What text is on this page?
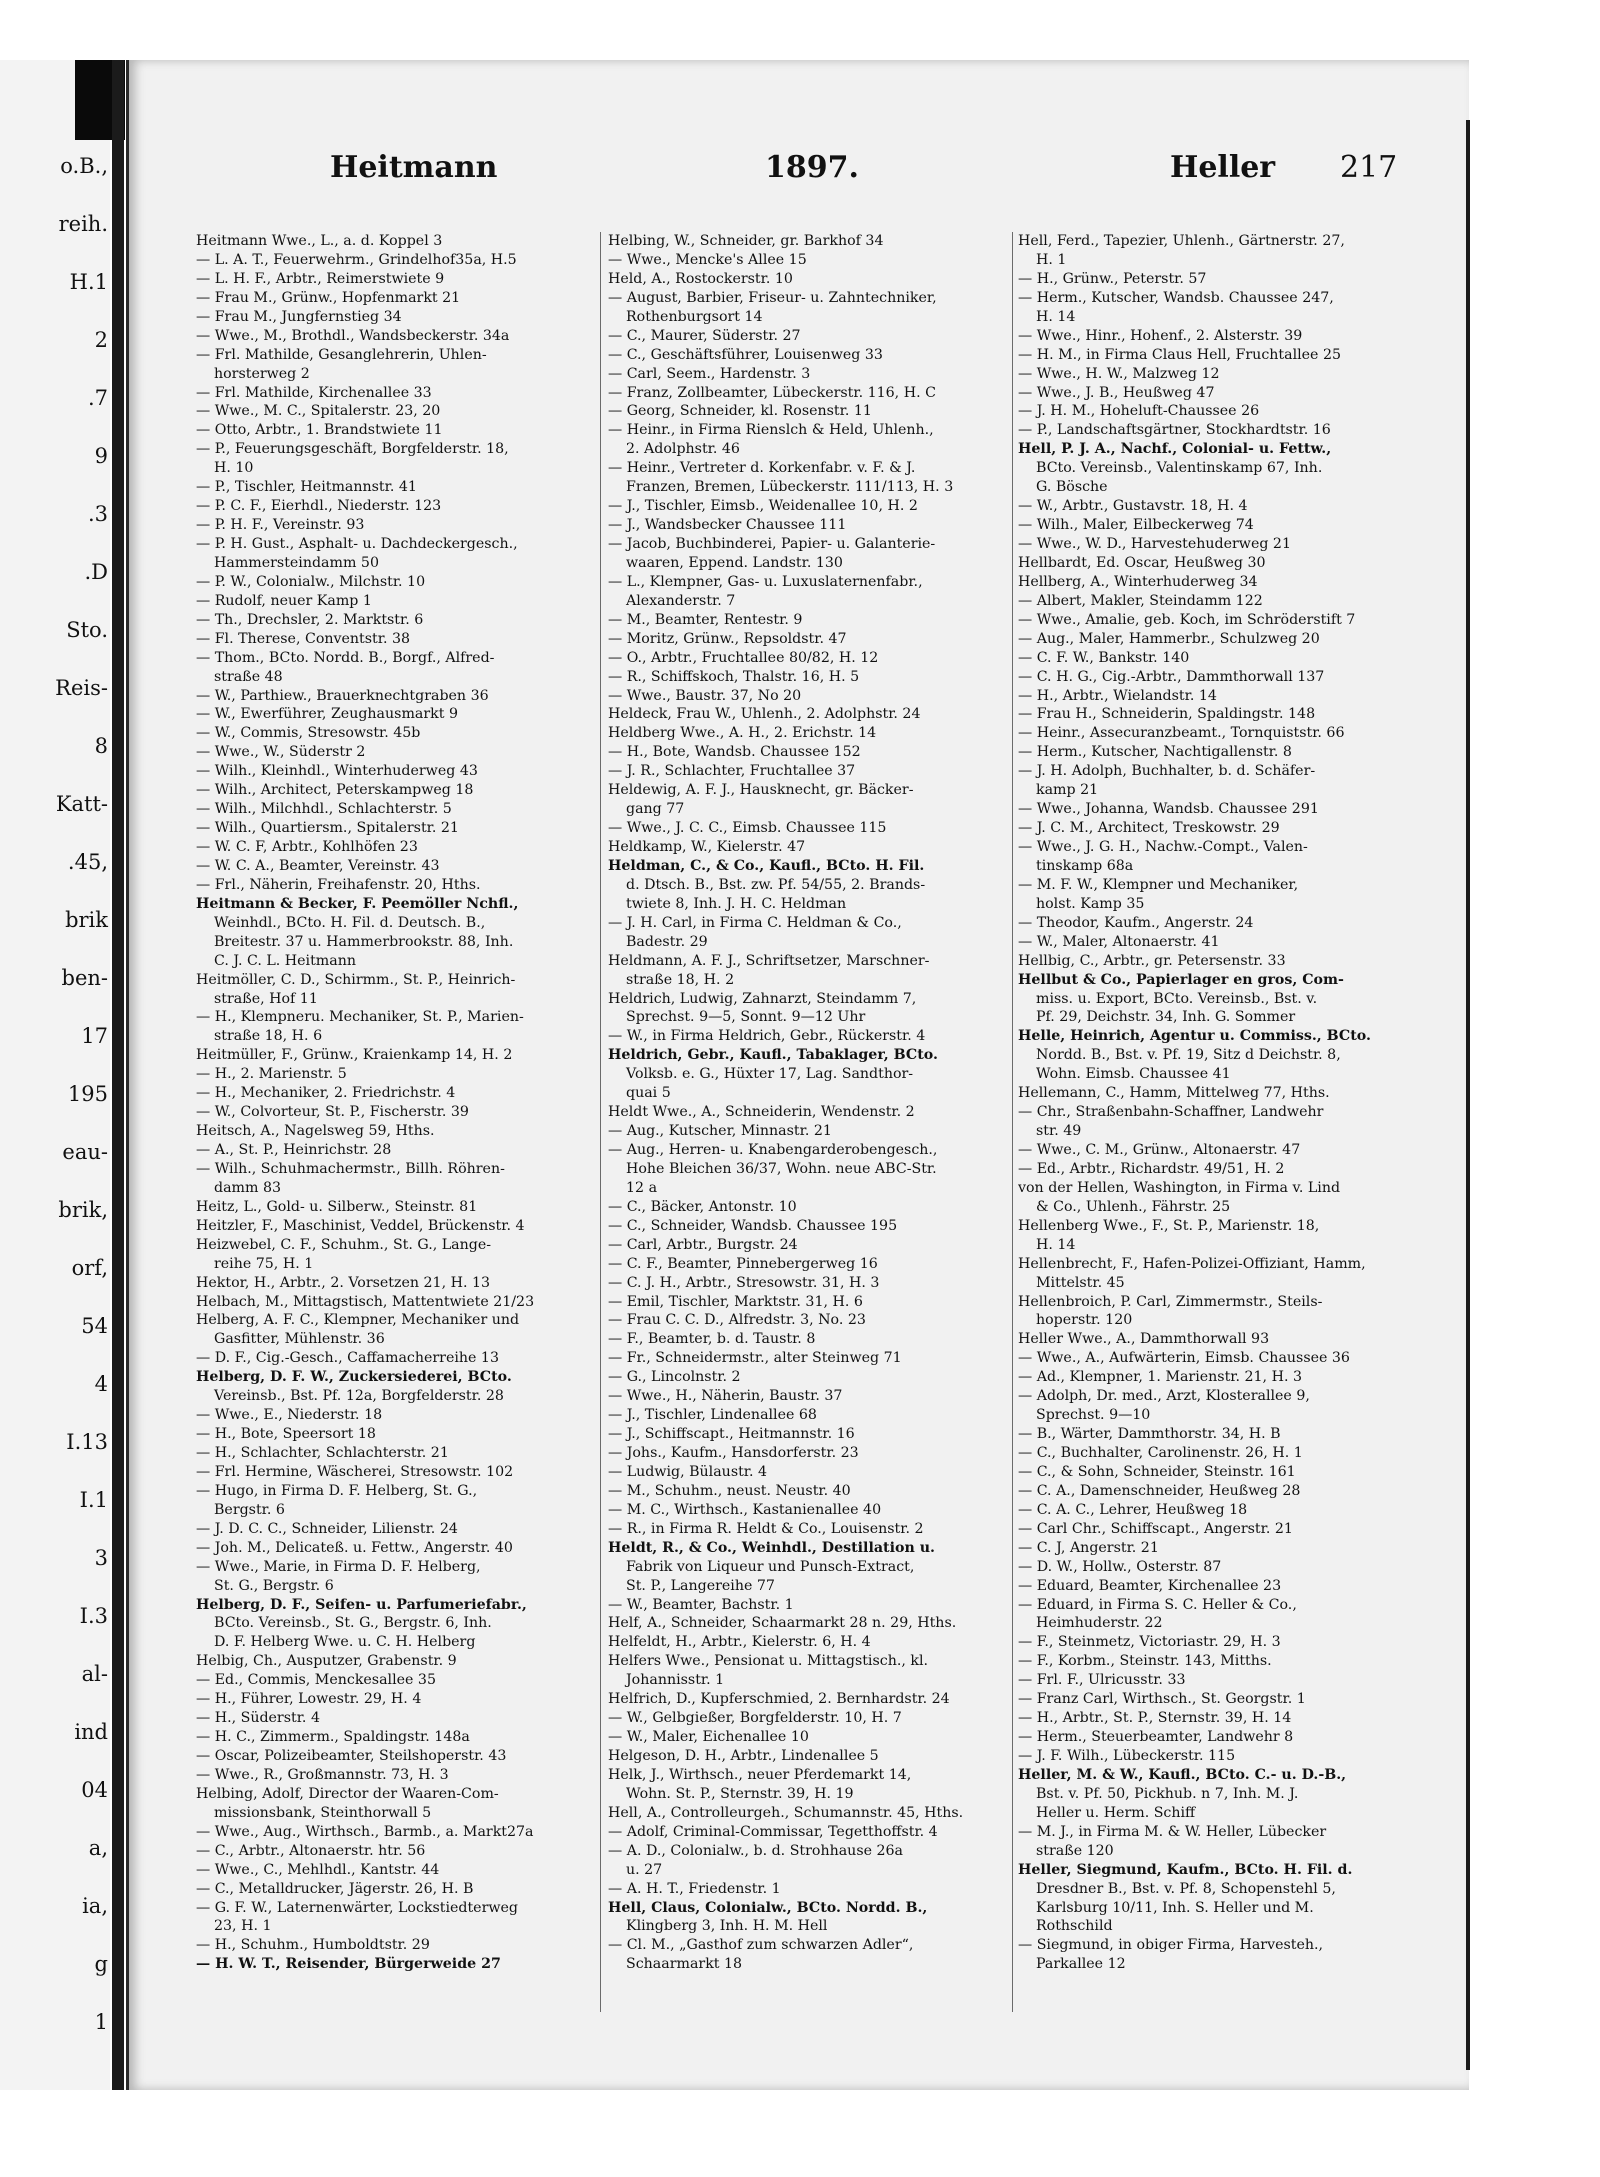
o.B.,
reih.
H.1
2
.7
9
.3
.D
Sto.
Reis-
8
Katt-
.45,
brik
ben-
17
195
eau-
brik,
orf,
54
4
I.13
I.1
3
I.3
al-
ind
04
a,
ia,
g
1
Heitmann	1897.	Heller 217
Heitmann Wwe., L., a. d. Koppel 3
— L. A. T., Feuerwehrm., Grindelhof35a, H.5
— L. H. F., Arbtr., Reimerstwiete 9
— Frau M., Grünw., Hopfenmarkt 21
— Frau M., Jungfernstieg 34
— Wwe., M., Brothdl., Wandsbeckerstr. 34a
— Frl. Mathilde, Gesanglehrerin, Uhlen-
horsterweg 2
— Frl. Mathilde, Kirchenallee 33
— Wwe., M. C., Spitalerstr. 23, 20
— Otto, Arbtr., 1. Brandstwiete 11
— P., Feuerungsgeschäft, Borgfelderstr. 18,
H. 10
— P., Tischler, Heitmannstr. 41
— P. C. F., Eierhdl., Niederstr. 123
— P. H. F., Vereinstr. 93
— P. H. Gust., Asphalt- u. Dachdeckergesch.,
Hammersteindamm 50
— P. W., Colonialw., Milchstr. 10
— Rudolf, neuer Kamp 1
— Th., Drechsler, 2. Marktstr. 6
— Fl. Therese, Conventstr. 38
— Thom., BCto. Nordd. B., Borgf., Alfred-
straße 48
— W., Parthiew., Brauerknechtgraben 36
— W., Ewerführer, Zeughausmarkt 9
— W., Commis, Stresowstr. 45b
— Wwe., W., Süderstr 2
— Wilh., Kleinhdl., Winterhuderweg 43
— Wilh., Architect, Peterskampweg 18
— Wilh., Milchhdl., Schlachterstr. 5
— Wilh., Quartiersm., Spitalerstr. 21
— W. C. F, Arbtr., Kohlhöfen 23
— W. C. A., Beamter, Vereinstr. 43
— Frl., Näherin, Freihafenstr. 20, Hths.
Heitmann & Becker, F. Peemöller Nchfl.,
Weinhdl., BCto. H. Fil. d. Deutsch. B.,
Breitestr. 37 u. Hammerbrookstr. 88, Inh.
C. J. C. L. Heitmann
Heitmöller, C. D., Schirmm., St. P., Heinrich-
straße, Hof 11
— H., Klempneru. Mechaniker, St. P., Marien-
straße 18, H. 6
Heitmüller, F., Grünw., Kraienkamp 14, H. 2
— H., 2. Marienstr. 5
— H., Mechaniker, 2. Friedrichstr. 4
— W., Colvorteur, St. P., Fischerstr. 39
Heitsch, A., Nagelsweg 59, Hths.
— A., St. P., Heinrichstr. 28
— Wilh., Schuhmachermstr., Billh. Röhren-
damm 83
Heitz, L., Gold- u. Silberw., Steinstr. 81
Heitzler, F., Maschinist, Veddel, Brückenstr. 4
Heizwebel, C. F., Schuhm., St. G., Lange-
reihe 75, H. 1
Hektor, H., Arbtr., 2. Vorsetzen 21, H. 13
Helbach, M., Mittagstisch, Mattentwiete 21/23
Helberg, A. F. C., Klempner, Mechaniker und
Gasfitter, Mühlenstr. 36
— D. F., Cig.-Gesch., Caffamacherreihe 13
Helberg, D. F. W., Zuckersiederei, BCto.
Vereinsb., Bst. Pf. 12a, Borgfelderstr. 28
— Wwe., E., Niederstr. 18
— H., Bote, Speersort 18
— H., Schlachter, Schlachterstr. 21
— Frl. Hermine, Wäscherei, Stresowstr. 102
— Hugo, in Firma D. F. Helberg, St. G.,
Bergstr. 6
— J. D. C. C., Schneider, Lilienstr. 24
— Joh. M., Delicateß. u. Fettw., Angerstr. 40
— Wwe., Marie, in Firma D. F. Helberg,
St. G., Bergstr. 6
Helberg, D. F., Seifen- u. Parfumeriefabr.,
BCto. Vereinsb., St. G., Bergstr. 6, Inh.
D. F. Helberg Wwe. u. C. H. Helberg
Helbig, Ch., Ausputzer, Grabenstr. 9
— Ed., Commis, Menckesallee 35
— H., Führer, Lowestr. 29, H. 4
— H., Süderstr. 4
— H. C., Zimmerm., Spaldingstr. 148a
— Oscar, Polizeibeamter, Steilshoperstr. 43
— Wwe., R., Großmannstr. 73, H. 3
Helbing, Adolf, Director der Waaren-Com-
missionsbank, Steinthorwall 5
— Wwe., Aug., Wirthsch., Barmb., a. Markt27a
— C., Arbtr., Altonaerstr. htr. 56
— Wwe., C., Mehlhdl., Kantstr. 44
— C., Metalldrucker, Jägerstr. 26, H. B
— G. F. W., Laternenwärter, Lockstiedterweg
23, H. 1
— H., Schuhm., Humboldtstr. 29
— H. W. T., Reisender, Bürgerweide 27
Helbing, W., Schneider, gr. Barkhof 34
— Wwe., Mencke's Allee 15
Held, A., Rostockerstr. 10
— August, Barbier, Friseur- u. Zahntechniker,
Rothenburgsort 14
— C., Maurer, Süderstr. 27
— C., Geschäftsführer, Louisenweg 33
— Carl, Seem., Hardenstr. 3
— Franz, Zollbeamter, Lübeckerstr. 116, H. C
— Georg, Schneider, kl. Rosenstr. 11
— Heinr., in Firma Rienslch & Held, Uhlenh.,
2. Adolphstr. 46
— Heinr., Vertreter d. Korkenfabr. v. F. & J.
Franzen, Bremen, Lübeckerstr. 111/113, H. 3
— J., Tischler, Eimsb., Weidenallee 10, H. 2
— J., Wandsbecker Chaussee 111
— Jacob, Buchbinderei, Papier- u. Galanterie-
waaren, Eppend. Landstr. 130
— L., Klempner, Gas- u. Luxuslaternenfabr.,
Alexanderstr. 7
— M., Beamter, Rentestr. 9
— Moritz, Grünw., Repsoldstr. 47
— O., Arbtr., Fruchtallee 80/82, H. 12
— R., Schiffskoch, Thalstr. 16, H. 5
— Wwe., Baustr. 37, No 20
Heldeck, Frau W., Uhlenh., 2. Adolphstr. 24
Heldberg Wwe., A. H., 2. Erichstr. 14
— H., Bote, Wandsb. Chaussee 152
— J. R., Schlachter, Fruchtallee 37
Heldewig, A. F. J., Hausknecht, gr. Bäcker-
gang 77
— Wwe., J. C. C., Eimsb. Chaussee 115
Heldkamp, W., Kielerstr. 47
Heldman, C., & Co., Kaufl., BCto. H. Fil.
d. Dtsch. B., Bst. zw. Pf. 54/55, 2. Brands-
twiete 8, Inh. J. H. C. Heldman
— J. H. Carl, in Firma C. Heldman & Co.,
Badestr. 29
Heldmann, A. F. J., Schriftsetzer, Marschner-
straße 18, H. 2
Heldrich, Ludwig, Zahnarzt, Steindamm 7,
Sprechst. 9—5, Sonnt. 9—12 Uhr
— W., in Firma Heldrich, Gebr., Rückerstr. 4
Heldrich, Gebr., Kaufl., Tabaklager, BCto.
Volksb. e. G., Hüxter 17, Lag. Sandthor-
quai 5
Heldt Wwe., A., Schneiderin, Wendenstr. 2
— Aug., Kutscher, Minnastr. 21
— Aug., Herren- u. Knabengarderobengesch.,
Hohe Bleichen 36/37, Wohn. neue ABC-Str.
12 a
— C., Bäcker, Antonstr. 10
— C., Schneider, Wandsb. Chaussee 195
— Carl, Arbtr., Burgstr. 24
— C. F., Beamter, Pinnebergerweg 16
— C. J. H., Arbtr., Stresowstr. 31, H. 3
— Emil, Tischler, Marktstr. 31, H. 6
— Frau C. C. D., Alfredstr. 3, No. 23
— F., Beamter, b. d. Taustr. 8
— Fr., Schneidermstr., alter Steinweg 71
— G., Lincolnstr. 2
— Wwe., H., Näherin, Baustr. 37
— J., Tischler, Lindenallee 68
— J., Schiffscapt., Heitmannstr. 16
— Johs., Kaufm., Hansdorferstr. 23
— Ludwig, Bülaustr. 4
— M., Schuhm., neust. Neustr. 40
— M. C., Wirthsch., Kastanienallee 40
— R., in Firma R. Heldt & Co., Louisenstr. 2
Heldt, R., & Co., Weinhdl., Destillation u.
Fabrik von Liqueur und Punsch-Extract,
St. P., Langereihe 77
— W., Beamter, Bachstr. 1
Helf, A., Schneider, Schaarmarkt 28 n. 29, Hths.
Helfeldt, H., Arbtr., Kielerstr. 6, H. 4
Helfers Wwe., Pensionat u. Mittagstisch., kl.
Johannisstr. 1
Helfrich, D., Kupferschmied, 2. Bernhardstr. 24
— W., Gelbgießer, Borgfelderstr. 10, H. 7
— W., Maler, Eichenallee 10
Helgeson, D. H., Arbtr., Lindenallee 5
Helk, J., Wirthsch., neuer Pferdemarkt 14,
Wohn. St. P., Sternstr. 39, H. 19
Hell, A., Controlleurgeh., Schumannstr. 45, Hths.
— Adolf, Criminal-Commissar, Tegetthoffstr. 4
— A. D., Colonialw., b. d. Strohhause 26a
u. 27
— A. H. T., Friedenstr. 1
Hell, Claus, Colonialw., BCto. Nordd. B.,
Klingberg 3, Inh. H. M. Hell
— Cl. M., „Gasthof zum schwarzen Adler“,
Schaarmarkt 18
Hell, Ferd., Tapezier, Uhlenh., Gärtnerstr. 27,
H. 1
— H., Grünw., Peterstr. 57
— Herm., Kutscher, Wandsb. Chaussee 247,
H. 14
— Wwe., Hinr., Hohenf., 2. Alsterstr. 39
— H. M., in Firma Claus Hell, Fruchtallee 25
— Wwe., H. W., Malzweg 12
— Wwe., J. B., Heußweg 47
— J. H. M., Hoheluft-Chaussee 26
— P., Landschaftsgärtner, Stockhardtstr. 16
Hell, P. J. A., Nachf., Colonial- u. Fettw.,
BCto. Vereinsb., Valentinskamp 67, Inh.
G. Bösche
— W., Arbtr., Gustavstr. 18, H. 4
— Wilh., Maler, Eilbeckerweg 74
— Wwe., W. D., Harvestehuderweg 21
Hellbardt, Ed. Oscar, Heußweg 30
Hellberg, A., Winterhuderweg 34
— Albert, Makler, Steindamm 122
— Wwe., Amalie, geb. Koch, im Schröderstift 7
— Aug., Maler, Hammerbr., Schulzweg 20
— C. F. W., Bankstr. 140
— C. H. G., Cig.-Arbtr., Dammthorwall 137
— H., Arbtr., Wielandstr. 14
— Frau H., Schneiderin, Spaldingstr. 148
— Heinr., Assecuranzbeamt., Tornquiststr. 66
— Herm., Kutscher, Nachtigallenstr. 8
— J. H. Adolph, Buchhalter, b. d. Schäfer-
kamp 21
— Wwe., Johanna, Wandsb. Chaussee 291
— J. C. M., Architect, Treskowstr. 29
— Wwe., J. G. H., Nachw.-Compt., Valen-
tinskamp 68a
— M. F. W., Klempner und Mechaniker,
holst. Kamp 35
— Theodor, Kaufm., Angerstr. 24
— W., Maler, Altonaerstr. 41
Hellbig, C., Arbtr., gr. Petersenstr. 33
Hellbut & Co., Papierlager en gros, Com-
miss. u. Export, BCto. Vereinsb., Bst. v.
Pf. 29, Deichstr. 34, Inh. G. Sommer
Helle, Heinrich, Agentur u. Commiss., BCto.
Nordd. B., Bst. v. Pf. 19, Sitz d Deichstr. 8,
Wohn. Eimsb. Chaussee 41
Hellemann, C., Hamm, Mittelweg 77, Hths.
— Chr., Straßenbahn-Schaffner, Landwehr
str. 49
— Wwe., C. M., Grünw., Altonaerstr. 47
— Ed., Arbtr., Richardstr. 49/51, H. 2
von der Hellen, Washington, in Firma v. Lind
& Co., Uhlenh., Fährstr. 25
Hellenberg Wwe., F., St. P., Marienstr. 18,
H. 14
Hellenbrecht, F., Hafen-Polizei-Offiziant, Hamm,
Mittelstr. 45
Hellenbroich, P. Carl, Zimmermstr., Steils-
hoperstr. 120
Heller Wwe., A., Dammthorwall 93
— Wwe., A., Aufwärterin, Eimsb. Chaussee 36
— Ad., Klempner, 1. Marienstr. 21, H. 3
— Adolph, Dr. med., Arzt, Klosterallee 9,
Sprechst. 9—10
— B., Wärter, Dammthorstr. 34, H. B
— C., Buchhalter, Carolinenstr. 26, H. 1
— C., & Sohn, Schneider, Steinstr. 161
— C. A., Damenschneider, Heußweg 28
— C. A. C., Lehrer, Heußweg 18
— Carl Chr., Schiffscapt., Angerstr. 21
— C. J, Angerstr. 21
— D. W., Hollw., Osterstr. 87
— Eduard, Beamter, Kirchenallee 23
— Eduard, in Firma S. C. Heller & Co.,
Heimhuderstr. 22
— F., Steinmetz, Victoriastr. 29, H. 3
— F., Korbm., Steinstr. 143, Mitths.
— Frl. F., Ulricusstr. 33
— Franz Carl, Wirthsch., St. Georgstr. 1
— H., Arbtr., St. P., Sternstr. 39, H. 14
— Herm., Steuerbeamter, Landwehr 8
— J. F. Wilh., Lübeckerstr. 115
Heller, M. & W., Kaufl., BCto. C.- u. D.-B.,
Bst. v. Pf. 50, Pickhub. n 7, Inh. M. J.
Heller u. Herm. Schiff
— M. J., in Firma M. & W. Heller, Lübecker
straße 120
Heller, Siegmund, Kaufm., BCto. H. Fil. d.
Dresdner B., Bst. v. Pf. 8, Schopenstehl 5,
Karlsburg 10/11, Inh. S. Heller und M.
Rothschild
— Siegmund, in obiger Firma, Harvesteh.,
Parkallee 12
